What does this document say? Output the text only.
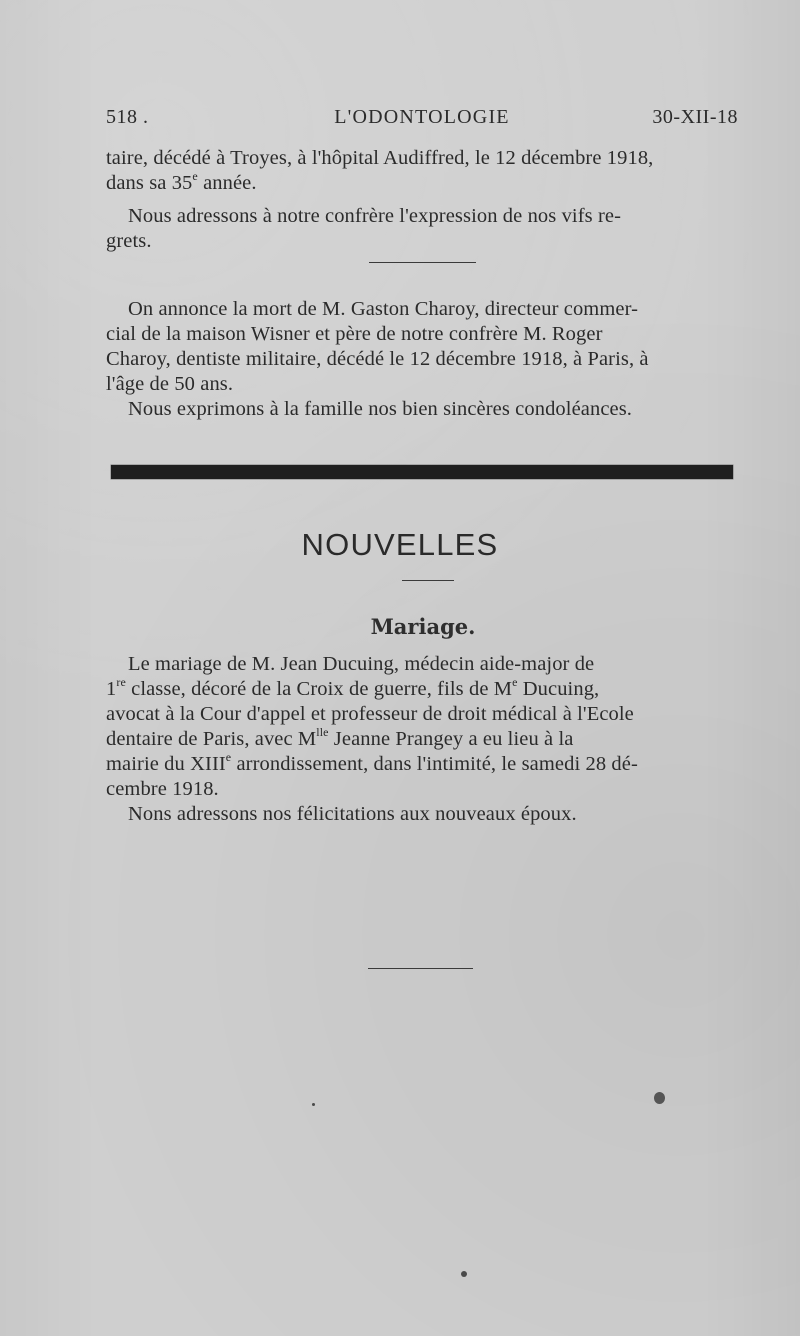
518 .	L'ODONTOLOGIE	30-XII-18
taire, décédé à Troyes, à l'hôpital Audiffred, le 12 décembre 1918,
dans sa 35e année.
Nous adressons à notre confrère l'expression de nos vifs re-
grets.
On annonce la mort de M. Gaston Charoy, directeur commer-
cial de la maison Wisner et père de notre confrère M. Roger
Charoy, dentiste militaire, décédé le 12 décembre 1918, à Paris, à
l'âge de 50 ans.
Nous exprimons à la famille nos bien sincères condoléances.
NOUVELLES
Mariage.
Le mariage de M. Jean Ducuing, médecin aide-major de
1re classe, décoré de la Croix de guerre, fils de Me Ducuing,
avocat à la Cour d'appel et professeur de droit médical à l'Ecole
dentaire de Paris, avec $M^{lle}$ Jeanne Prangey a eu lieu à la
mairie du XIIIe arrondissement, dans l'intimité, le samedi 28 dé-
cembre 1918.
Nons adressons nos félicitations aux nouveaux époux.
